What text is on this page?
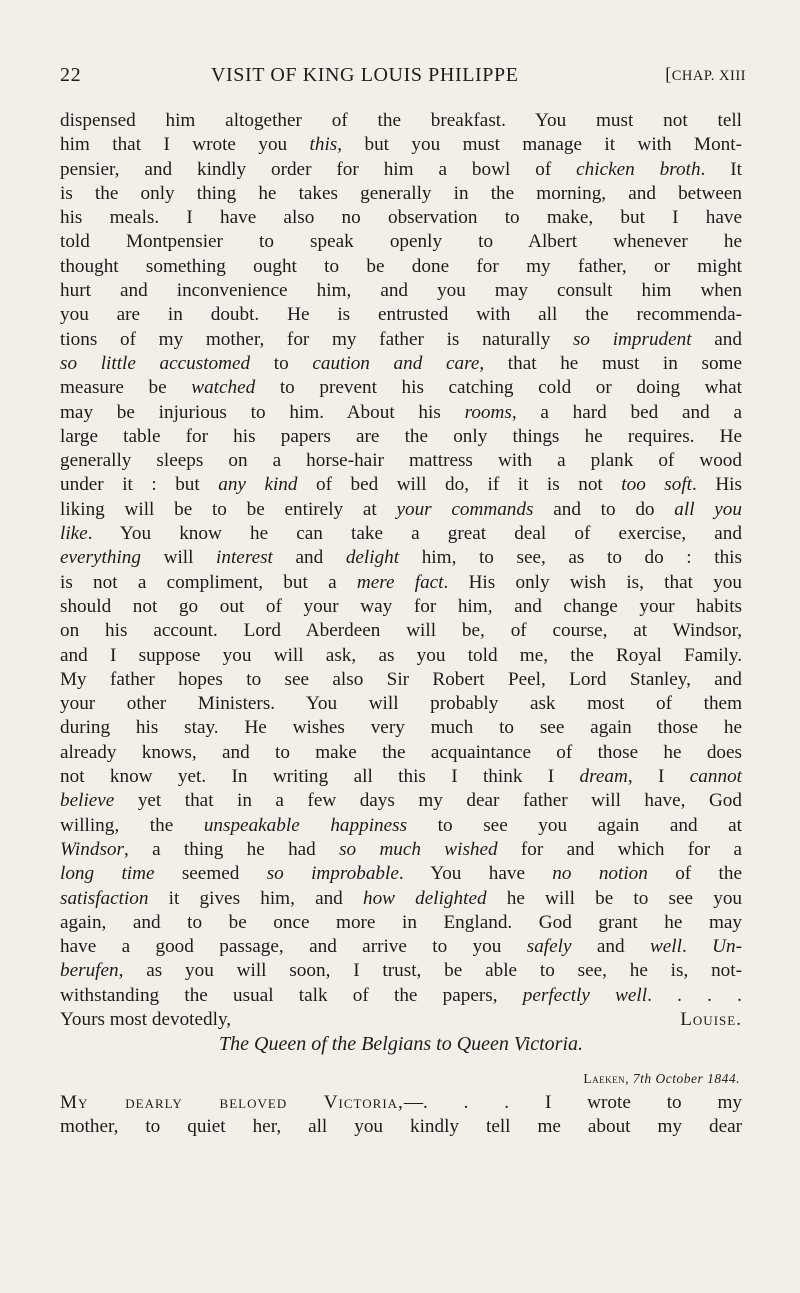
22	VISIT OF KING LOUIS PHILIPPE	[CHAP. XIII
dispensed him altogether of the breakfast. You must not tell
him that I wrote you this, but you must manage it with Mont-
pensier, and kindly order for him a bowl of chicken broth. It
is the only thing he takes generally in the morning, and between
his meals. I have also no observation to make, but I have
told Montpensier to speak openly to Albert whenever he
thought something ought to be done for my father, or might
hurt and inconvenience him, and you may consult him when
you are in doubt. He is entrusted with all the recommenda-
tions of my mother, for my father is naturally so imprudent and
so little accustomed to caution and care, that he must in some
measure be watched to prevent his catching cold or doing what
may be injurious to him. About his rooms, a hard bed and a
large table for his papers are the only things he requires. He
generally sleeps on a horse-hair mattress with a plank of wood
under it : but any kind of bed will do, if it is not too soft. His
liking will be to be entirely at your commands and to do all you
like. You know he can take a great deal of exercise, and
everything will interest and delight him, to see, as to do : this
is not a compliment, but a mere fact. His only wish is, that you
should not go out of your way for him, and change your habits
on his account. Lord Aberdeen will be, of course, at Windsor,
and I suppose you will ask, as you told me, the Royal Family.
My father hopes to see also Sir Robert Peel, Lord Stanley, and
your other Ministers. You will probably ask most of them
during his stay. He wishes very much to see again those he
already knows, and to make the acquaintance of those he does
not know yet. In writing all this I think I dream, I cannot
believe yet that in a few days my dear father will have, God
willing, the unspeakable happiness to see you again and at
Windsor, a thing he had so much wished for and which for a
long time seemed so improbable. You have no notion of the
satisfaction it gives him, and how delighted he will be to see you
again, and to be once more in England. God grant he may
have a good passage, and arrive to you safely and well. Un-
berufen, as you will soon, I trust, be able to see, he is, not-
withstanding the usual talk of the papers, perfectly well. . . .
Yours most devotedly,	Louise.
The Queen of the Belgians to Queen Victoria.
Laeken, 7th October 1844.
My dearly beloved Victoria,—. . . I wrote to my
mother, to quiet her, all you kindly tell me about my dear
